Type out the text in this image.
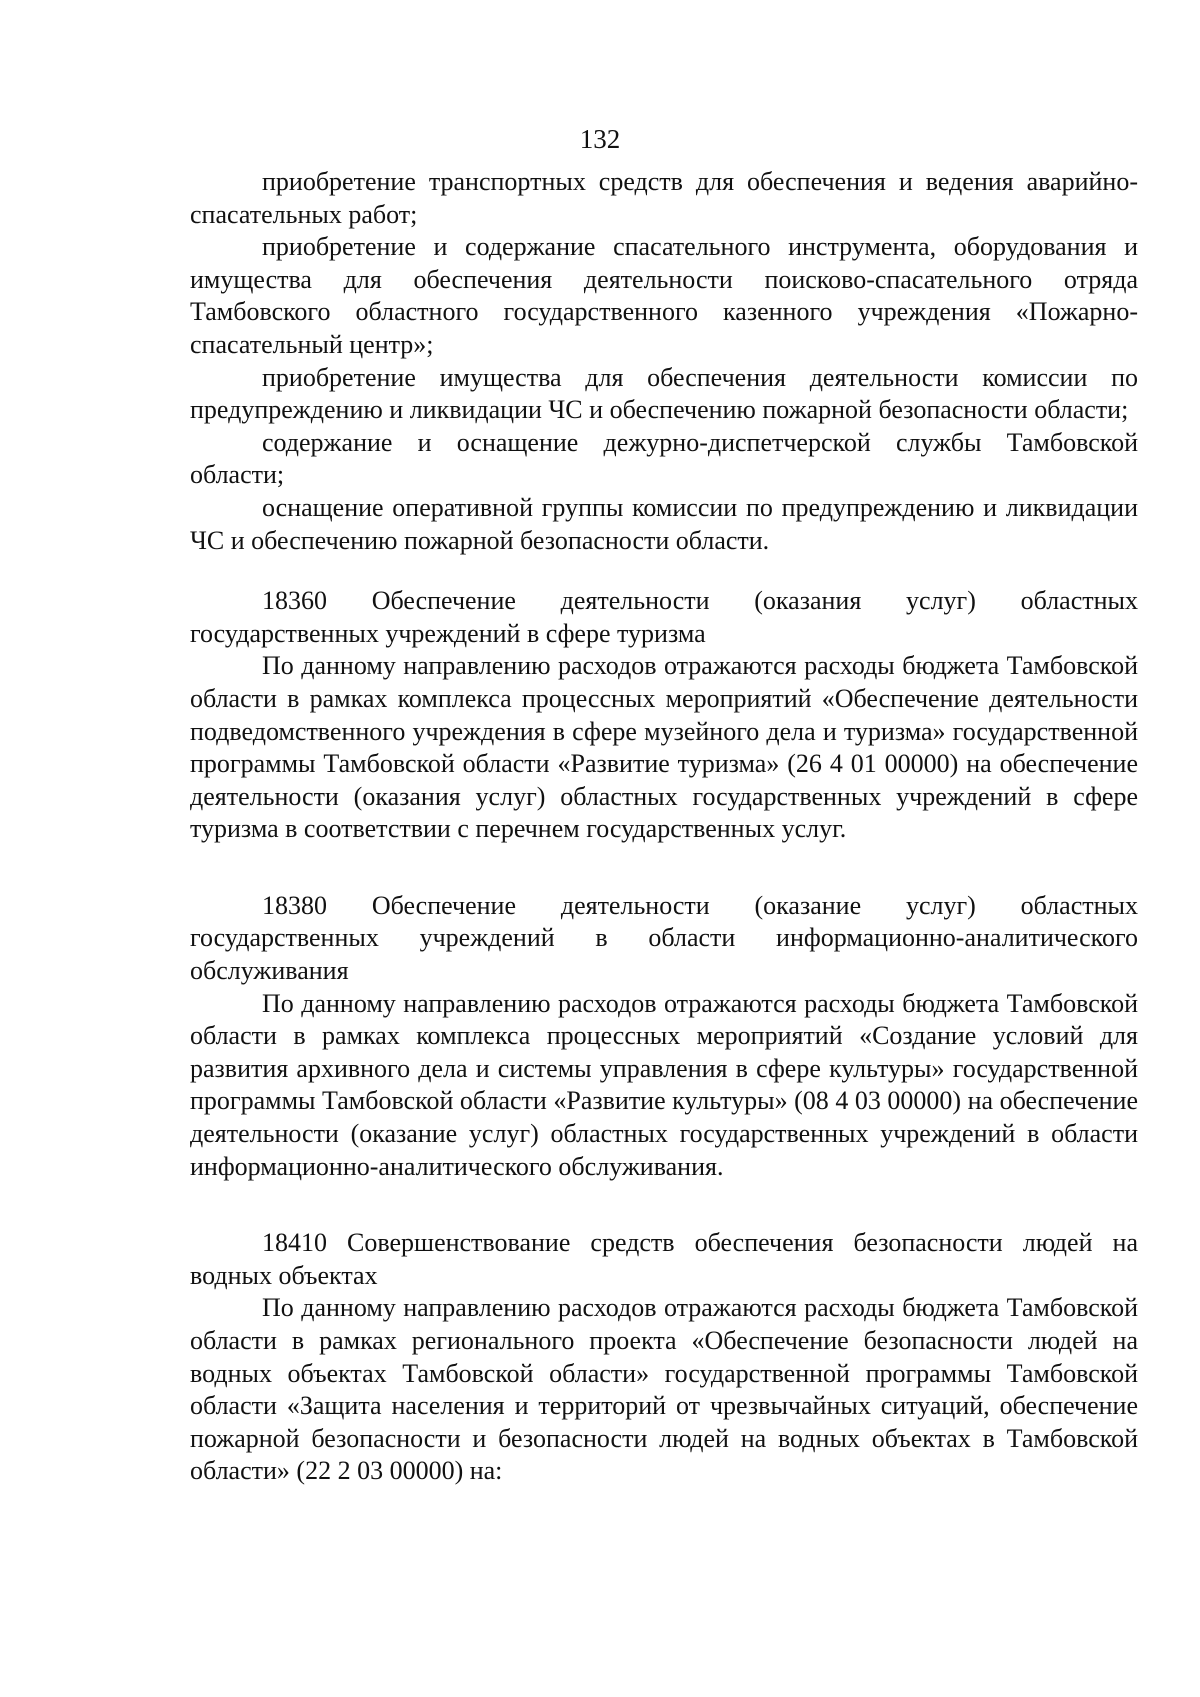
132

приобретение транспортных средств для обеспечения и ведения аварийно-спасательных работ;

приобретение и содержание спасательного инструмента, оборудования и имущества для обеспечения деятельности поисково-спасательного отряда Тамбовского областного государственного казенного учреждения «Пожарно-спасательный центр»;

приобретение имущества для обеспечения деятельности комиссии по предупреждению и ликвидации ЧС и обеспечению пожарной безопасности области;

содержание и оснащение дежурно-диспетчерской службы Тамбовской области;

оснащение оперативной группы комиссии по предупреждению и ликвидации ЧС и обеспечению пожарной безопасности области.

18360 Обеспечение деятельности (оказания услуг) областных государственных учреждений в сфере туризма

По данному направлению расходов отражаются расходы бюджета Тамбовской области в рамках комплекса процессных мероприятий «Обеспечение деятельности подведомственного учреждения в сфере музейного дела и туризма» государственной программы Тамбовской области «Развитие туризма» (26 4 01 00000) на обеспечение деятельности (оказания услуг) областных государственных учреждений в сфере туризма в соответствии с перечнем государственных услуг.

18380 Обеспечение деятельности (оказание услуг) областных государственных учреждений в области информационно-аналитического обслуживания

По данному направлению расходов отражаются расходы бюджета Тамбовской области в рамках комплекса процессных мероприятий «Создание условий для развития архивного дела и системы управления в сфере культуры» государственной программы Тамбовской области «Развитие культуры» (08 4 03 00000) на обеспечение деятельности (оказание услуг) областных государственных учреждений в области информационно-аналитического обслуживания.

18410 Совершенствование средств обеспечения безопасности людей на водных объектах

По данному направлению расходов отражаются расходы бюджета Тамбовской области в рамках регионального проекта «Обеспечение безопасности людей на водных объектах Тамбовской области» государственной программы Тамбовской области «Защита населения и территорий от чрезвычайных ситуаций, обеспечение пожарной безопасности и безопасности людей на водных объектах в Тамбовской области» (22 2 03 00000) на:
